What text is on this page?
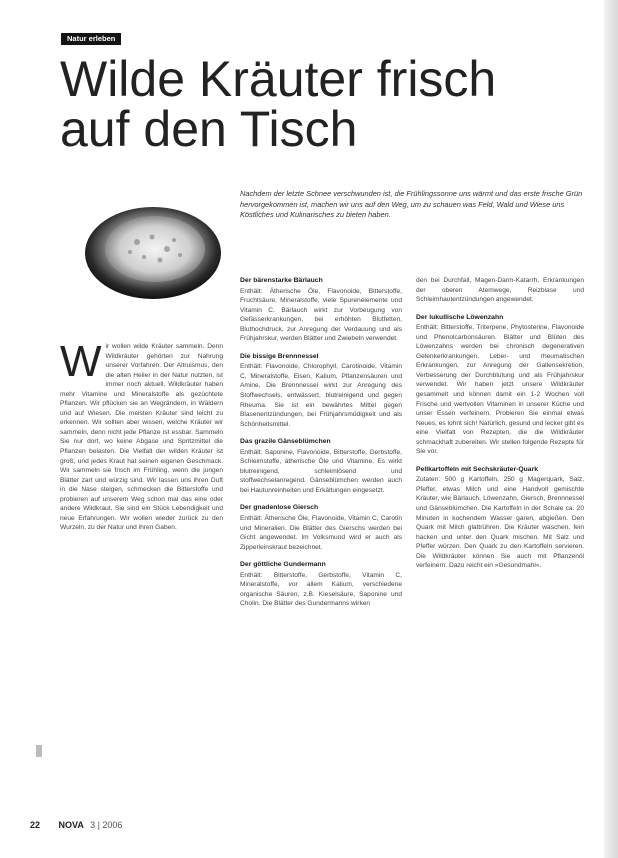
Natur erleben
Wilde Kräuter frisch
auf den Tisch
Nachdem der letzte Schnee verschwunden ist, die Frühlingssonne uns wärmt und das erste frische Grün hervorgekommen ist, machen wir uns auf den Weg, um zu schauen was Feld, Wald und Wiese uns Köstliches und Kulinarisches zu bieten haben.
W ir wollen wilde Kräuter sammeln. Denn Wildkräuter gehörten zur Nahrung unserer Vorfahren. Der Altruismus, den die alten Heiler in der Natur nutzten, ist immer noch aktuell. Wildkräuter haben mehr Vitamine und Mineralstoffe als gezüchtete Pflanzen. Wir pflücken sie an Wegrändern, in Wäldern und auf Wiesen. Die meisten Kräuter sind leicht zu erkennen. Wir sollten aber wissen, welche Kräuter wir sammeln, denn nicht jede Pflanze ist essbar. Sammeln Sie nur dort, wo keine Abgase und Spritzmittel die Pflanzen belasten. Die Vielfalt der wilden Kräuter ist groß, und jedes Kraut hat seinen eigenen Geschmack. Wir sammeln sie frisch im Frühling, wenn die jungen Blätter zart und würzig sind. Wir lassen uns ihren Duft in die Nase steigen, schmecken die Bitterstoffe und probieren auf unserem Weg schon mal das eine oder andere Wildkraut. Sie sind ein Stück Lebendigkeit und neue Erfahrungen. Wir wollen wieder zurück zu den Wurzeln, zu der Natur und ihren Gaben.

Der bärenstarke Bärlauch

Enthält: Ätherische Öle, Flavonoide, Bitterstoffe, Fruchtsäure, Mineralstoffe, viele Spurenelemente und Vitamin C. Bärlauch wirkt zur Vorbeugung von Gefässerkrankungen, bei erhöhten Blutfetten, Bluthochdruck, zur Anregung der Verdauung und als Frühjahrskur, werden Blätter und Zwiebeln verwendet.

Die bissige Brennnessel

Enthält: Flavonoide, Chlorophyll, Carotinoide, Vitamin C, Mineralstoffe, Eisen, Kalium, Pflanzensäuren und Amine. Die Brennnessel wirkt zur Anregung des Stoffwechsels, entwässert, blutreinigend und gegen Rheuma. Sie ist ein bewährtes Mittel gegen Blasenentzündungen, bei Frühjahrsmüdigkeit und als Schönheitsmittel.

Das grazile Gänseblümchen

Enthält: Saponine, Flavonoide, Bitterstoffe, Gerbstoffe, Schleimstoffe, ätherische Öle und Vitamine. Es wirkt blutreinigend, schleimlösend und stoffwechselanregend. Gänseblümchen werden auch bei Hautunreinheiten und Erkältungen eingesetzt.

Der gnadenlose Giersch

Enthält: Ätherische Öle, Flavonoide, Vitamin C, Carotin und Mineralien. Die Blätter des Gierschs werden bei Gicht angewendet. Im Volksmund wird er auch als Zipperleinskraut bezeichnet.

Der göttliche Gundermann

Enthält: Bitterstoffe, Gerbstoffe, Vitamin C, Mineralstoffe, vor allem Kalium, verschiedene organische Säuren, z.B. Kieselsäure, Saponine und Cholin. Die Blätter des Gundermanns wirken

den bei Durchfall, Magen-Darm-Katarrh, Erkrankungen der oberen Atemwege, Reizblase und Schleimhautentzündungen angewendet.

Der lukullische Löwenzahn

Enthält: Bitterstoffe, Triterpene, Phytosterine, Flavonoide und Phenolcarbonsäuren. Blätter und Blüten des Löwenzahns werden bei chronisch degenerativen Gelenkerkrankungen, Leber- und rheumatischen Erkrankungen, zur Anregung der Gallensekretion, Verbesserung der Durchblutung und als Frühjahrskur verwendet. Wir haben jetzt unsere Wildkräuter gesammelt und können damit ein 1-2 Wochen voll Frische und wertvollen Vitaminen in unserer Küche und unser Essen verfeinern. Probieren Sie einmal etwas Neues, es lohnt sich! Natürlich, gesund und lecker gibt es eine Vielfalt von Rezepten, die die Wildkräuter schmackhaft zubereiten. Wir stellen folgende Rezepte für Sie vor.

Pellkartoffeln mit Sechskräuter-Quark

Zutaten: 500 g Kartoffeln, 250 g Magerquark, Salz, Pfeffer, etwas Milch und eine Handvoll gemischte Kräuter, wie Bärlauch, Löwenzahn, Giersch, Brennnessel und Gänseblümchen. Die Kartoffeln in der Schale ca. 20 Minuten in kochendem Wasser garen, abgießen. Den Quark mit Milch glattrühren. Die Kräuter waschen, fein hacken und unter den Quark mischen. Mit Salz und Pfeffer würzen. Den Quark zu den Kartoffeln servieren. Die Wildkräuter können Sie auch mit Pflanzenöl verfeinern. Dazu reicht ein »Gesundmahl«.

22 NOVA 3 | 2006
